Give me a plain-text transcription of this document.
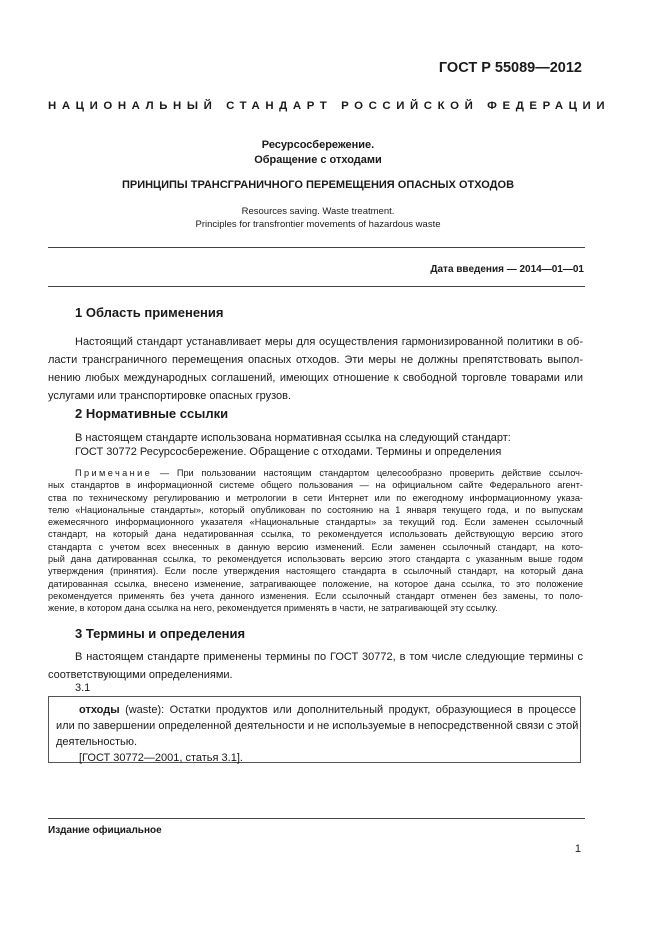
ГОСТ Р 55089—2012
НАЦИОНАЛЬНЫЙ СТАНДАРТ РОССИЙСКОЙ ФЕДЕРАЦИИ
Ресурсосбережение.
Обращение с отходами
ПРИНЦИПЫ ТРАНСГРАНИЧНОГО ПЕРЕМЕЩЕНИЯ ОПАСНЫХ ОТХОДОВ
Resources saving. Waste treatment.
Principles for transfrontier movements of hazardous waste
Дата введения — 2014—01—01
1 Область применения
Настоящий стандарт устанавливает меры для осуществления гармонизированной политики в об-
ласти трансграничного перемещения опасных отходов. Эти меры не должны препятствовать выпол-
нению любых международных соглашений, имеющих отношение к свободной торговле товарами или
услугами или транспортировке опасных грузов.
2 Нормативные ссылки
В настоящем стандарте использована нормативная ссылка на следующий стандарт:
ГОСТ 30772 Ресурсосбережение. Обращение с отходами. Термины и определения
Примечание — При пользовании настоящим стандартом целесообразно проверить действие ссылоч-
ных стандартов в информационной системе общего пользования — на официальном сайте Федерального агент-
ства по техническому регулированию и метрологии в сети Интернет или по ежегодному информационному указа-
телю «Национальные стандарты», который опубликован по состоянию на 1 января текущего года, и по выпускам
ежемесячного информационного указателя «Национальные стандарты» за текущий год. Если заменен ссылочный
стандарт, на который дана недатированная ссылка, то рекомендуется использовать действующую версию этого
стандарта с учетом всех внесенных в данную версию изменений. Если заменен ссылочный стандарт, на кото-
рый дана датированная ссылка, то рекомендуется использовать версию этого стандарта с указанным выше годом
утверждения (принятия). Если после утверждения настоящего стандарта в ссылочный стандарт, на который дана
датированная ссылка, внесено изменение, затрагивающее положение, на которое дана ссылка, то это положение
рекомендуется применять без учета данного изменения. Если ссылочный стандарт отменен без замены, то поло-
жение, в котором дана ссылка на него, рекомендуется применять в части, не затрагивающей эту ссылку.
3 Термины и определения
В настоящем стандарте применены термины по ГОСТ 30772, в том числе следующие термины с
соответствующими определениями.
3.1
отходы (waste): Остатки продуктов или дополнительный продукт, образующиеся в процессе
или по завершении определенной деятельности и не используемые в непосредственной связи с этой
деятельностью.
[ГОСТ 30772—2001, статья 3.1].
Издание официальное
1
